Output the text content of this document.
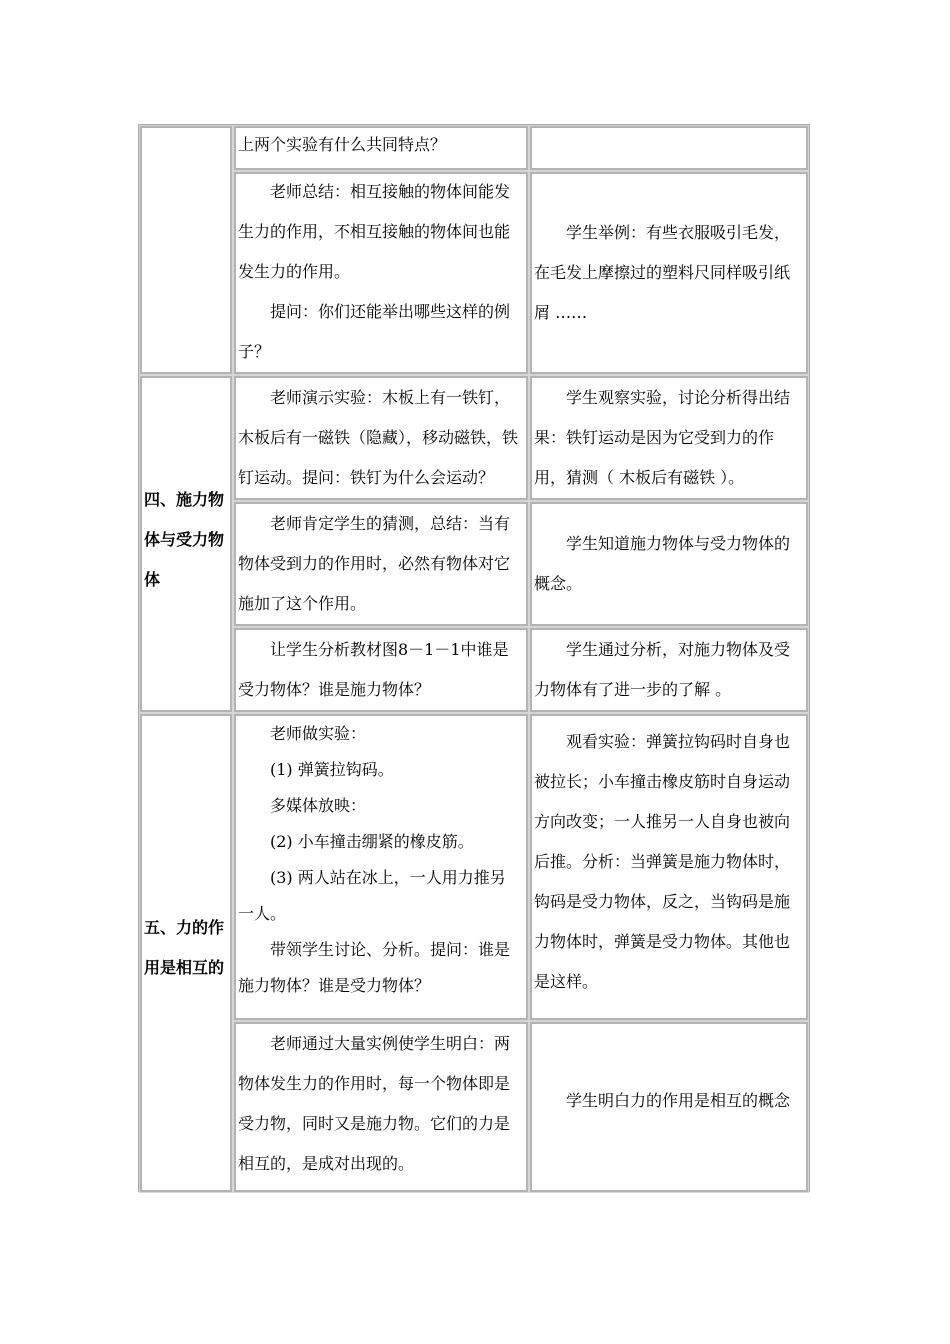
四、施力物体与受力物体
五、力的作用是相互的

上两个实验有什么共同特点？

老师总结：相互接触的物体间能发生力的作用，不相互接触的物体间也能发生力的作用。

提问：你们还能举出哪些这样的例子？

学生举例：有些衣服吸引毛发，在毛发上摩擦过的塑料尺同样吸引纸屑 ……

老师演示实验：木板上有一铁钉，木板后有一磁铁（隐藏），移动磁铁，铁钉运动。提问：铁钉为什么会运动？

学生观察实验，讨论分析得出结果：铁钉运动是因为它受到力的作用，猜测（ 木板后有磁铁 ）。

老师肯定学生的猜测，总结：当有物体受到力的作用时，必然有物体对它施加了这个作用。

学生知道施力物体与受力物体的概念。

让学生分析教材图8－1－1中谁是受力物体？谁是施力物体？

学生通过分析，对施力物体及受力物体有了进一步的了解 。

老师做实验：

(1) 弹簧拉钩码。

多媒体放映：

(2) 小车撞击绷紧的橡皮筋。

(3) 两人站在冰上，一人用力推另一人。

带领学生讨论、分析。提问：谁是施力物体？谁是受力物体？

观看实验：弹簧拉钩码时自身也被拉长；小车撞击橡皮筋时自身运动方向改变；一人推另一人自身也被向后推。分析：当弹簧是施力物体时，钩码是受力物体，反之，当钩码是施力物体时，弹簧是受力物体。其他也是这样。

老师通过大量实例使学生明白：两物体发生力的作用时，每一个物体即是受力物，同时又是施力物。它们的力是相互的，是成对出现的。

学生明白力的作用是相互的概念
